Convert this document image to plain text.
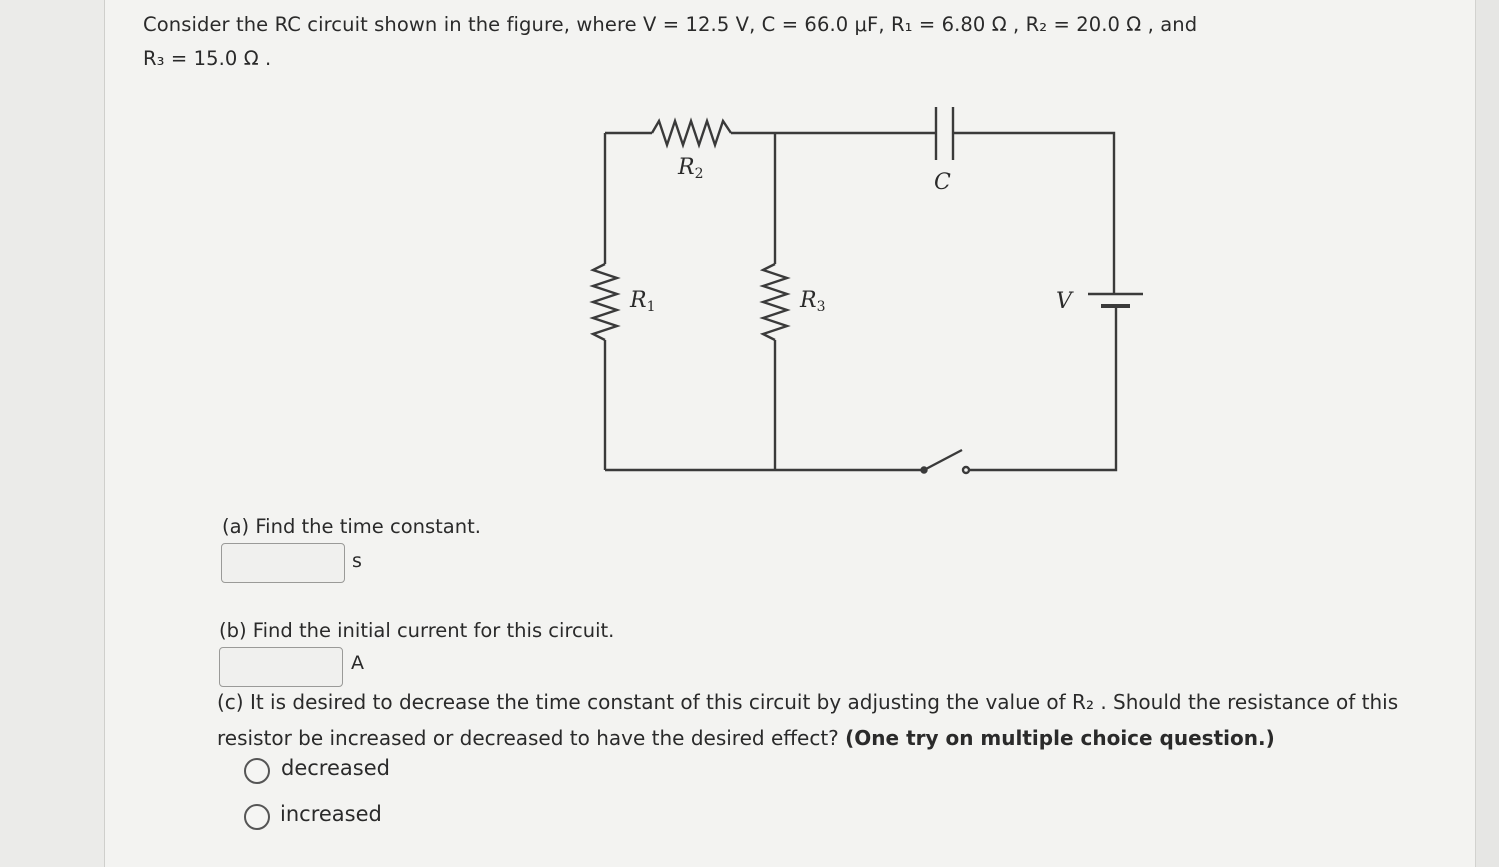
Consider the RC circuit shown in the figure, where V = 12.5 V, C = 66.0 μF, R₁ = 6.80 Ω , R₂ = 20.0 Ω , and
R₃ = 15.0 Ω .
R2	C
R1	R3	V
(a) Find the time constant.
s
(b) Find the initial current for this circuit.
A
(c) It is desired to decrease the time constant of this circuit by adjusting the value of R₂ . Should the resistance of this resistor be increased or decreased to have the desired effect? (One try on multiple choice question.)
decreased
increased
